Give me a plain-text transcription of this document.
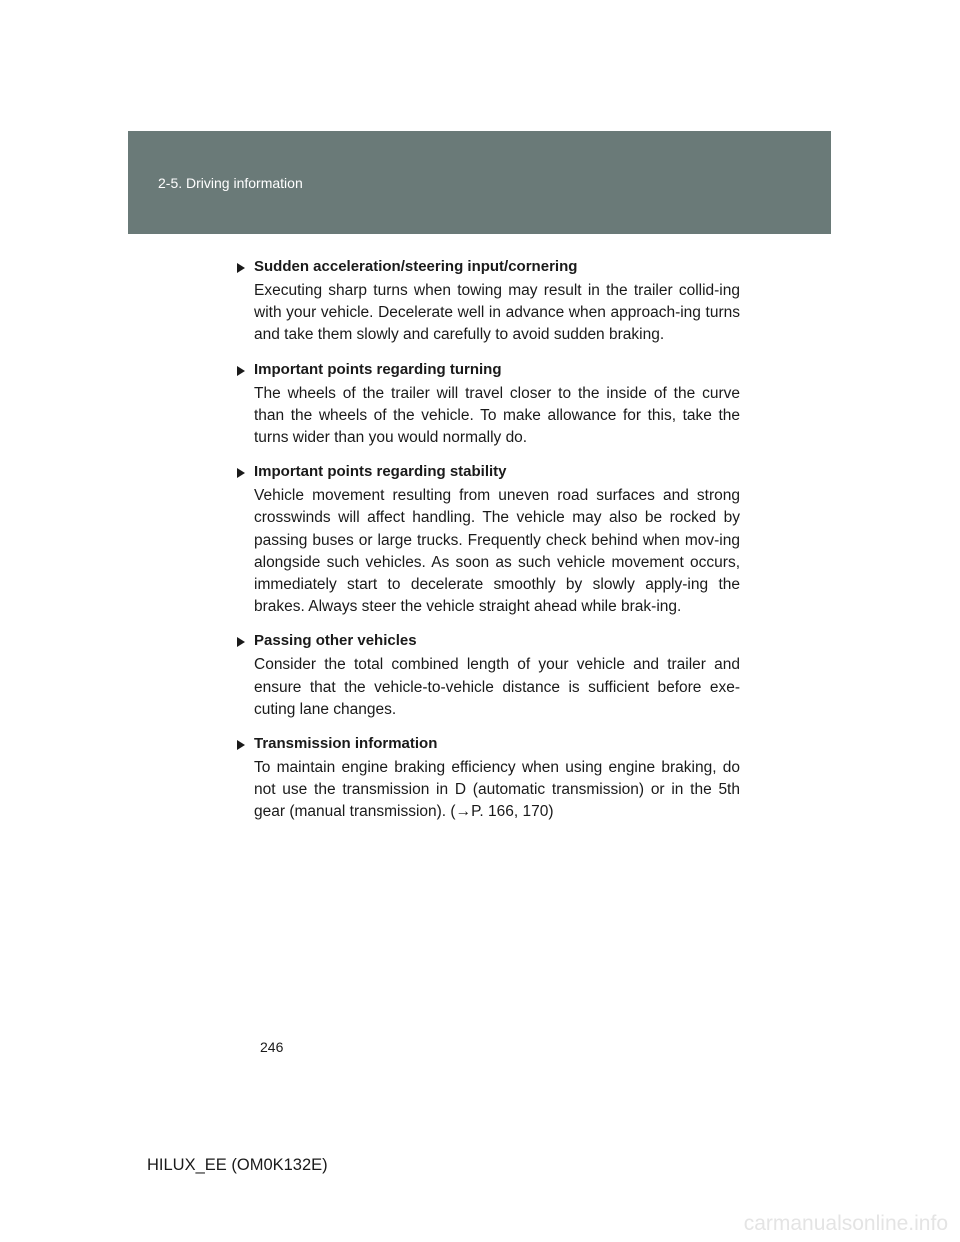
2-5. Driving information
Sudden acceleration/steering input/cornering
Executing sharp turns when towing may result in the trailer collid-ing with your vehicle. Decelerate well in advance when approach-ing turns and take them slowly and carefully to avoid sudden braking.
Important points regarding turning
The wheels of the trailer will travel closer to the inside of the curve than the wheels of the vehicle. To make allowance for this, take the turns wider than you would normally do.
Important points regarding stability
Vehicle movement resulting from uneven road surfaces and strong crosswinds will affect handling. The vehicle may also be rocked by passing buses or large trucks. Frequently check behind when mov-ing alongside such vehicles. As soon as such vehicle movement occurs, immediately start to decelerate smoothly by slowly apply-ing the brakes. Always steer the vehicle straight ahead while brak-ing.
Passing other vehicles
Consider the total combined length of your vehicle and trailer and ensure that the vehicle-to-vehicle distance is sufficient before exe-cuting lane changes.
Transmission information
To maintain engine braking efficiency when using engine braking, do not use the transmission in D (automatic transmission) or in the 5th gear (manual transmission). (→P. 166, 170)
246
HILUX_EE (OM0K132E)
carmanualsonline.info
